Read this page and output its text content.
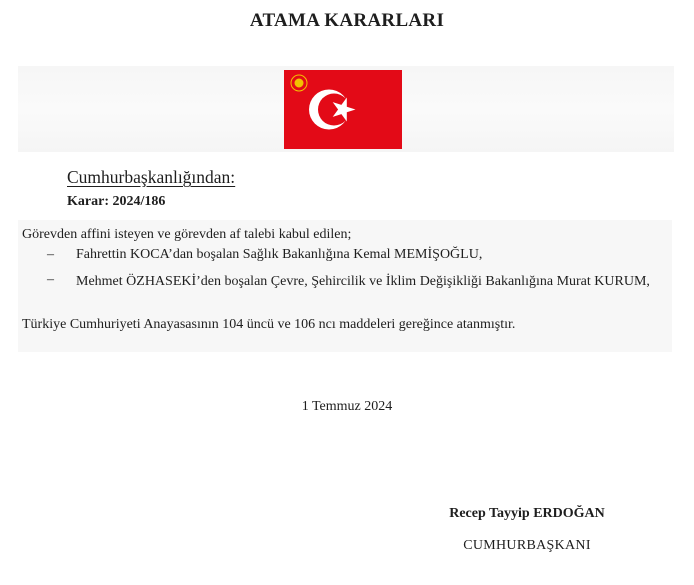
ATAMA KARARLARI
Cumhurbaşkanlığından:
Karar: 2024/186
Görevden affini isteyen ve görevden af talebi kabul edilen;
– Fahrettin KOCA’dan boşalan Sağlık Bakanlığına Kemal MEMİŞOĞLU,
– Mehmet ÖZHASEKİ’den boşalan Çevre, Şehircilik ve İklim Değişikliği Bakanlığına Murat KURUM,
Türkiye Cumhuriyeti Anayasasının 104 üncü ve 106 ncı maddeleri gereğince atanmıştır.
1 Temmuz 2024
Recep Tayyip ERDOĞAN
CUMHURBAŞKANI
